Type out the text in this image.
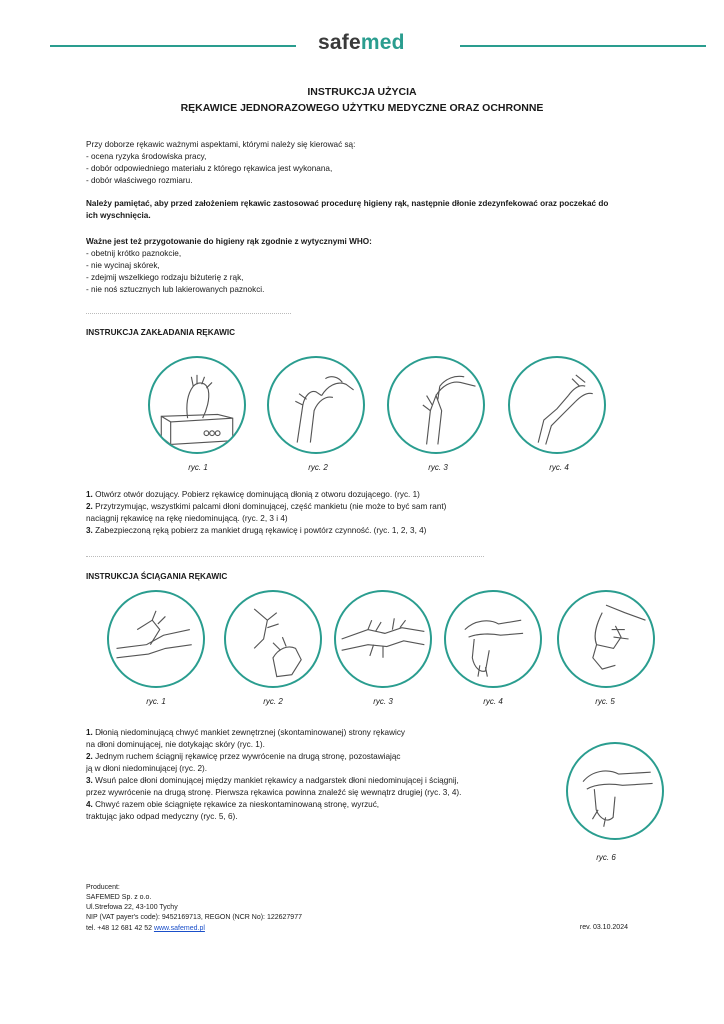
safemed
INSTRUKCJA UŻYCIA
RĘKAWICE JEDNORAZOWEGO UŻYTKU MEDYCZNE ORAZ OCHRONNE
Przy doborze rękawic ważnymi aspektami, którymi należy się kierować są:
- ocena ryzyka środowiska pracy,
- dobór odpowiedniego materiału z którego rękawica jest wykonana,
- dobór właściwego rozmiaru.
Należy pamiętać, aby przed założeniem rękawic zastosować procedurę higieny rąk, następnie dłonie zdezynfekować oraz poczekać do
ich wyschnięcia.
Ważne jest też przygotowanie do higieny rąk zgodnie z wytycznymi WHO:
- obetnij krótko paznokcie,
- nie wycinaj skórek,
- zdejmij wszelkiego rodzaju biżuterię z rąk,
- nie noś sztucznych lub lakierowanych paznokci.
INSTRUKCJA ZAKŁADANIA RĘKAWIC
ryc. 1	ryc. 2	ryc. 3	ryc. 4
1. Otwórz otwór dozujący. Pobierz rękawicę dominującą dłonią z otworu dozującego. (ryc. 1)
2. Przytrzymując, wszystkimi palcami dłoni dominującej, część mankietu (nie może to być sam rant)
naciągnij rękawicę na rękę niedominującą. (ryc. 2, 3 i 4)
3. Zabezpieczoną ręką pobierz za mankiet drugą rękawicę i powtórz czynność. (ryc. 1, 2, 3, 4)
INSTRUKCJA ŚCIĄGANIA RĘKAWIC
ryc. 1	ryc. 2	ryc. 3	ryc. 4	ryc. 5
1. Dłonią niedominującą chwyć mankiet zewnętrznej (skontaminowanej) strony rękawicy
na dłoni dominującej, nie dotykając skóry (ryc. 1).
2. Jednym ruchem ściągnij rękawicę przez wywrócenie na drugą stronę, pozostawiając
ją w dłoni niedominującej (ryc. 2).
3. Wsuń palce dłoni dominującej między mankiet rękawicy a nadgarstek dłoni niedominującej i ściągnij,
przez wywrócenie na drugą stronę. Pierwsza rękawica powinna znaleźć się wewnątrz drugiej (ryc. 3, 4).
4. Chwyć razem obie ściągnięte rękawice za nieskontaminowaną stronę, wyrzuć,
traktując jako odpad medyczny (ryc. 5, 6).
ryc. 6
Producent:
SAFEMED Sp. z o.o.
Ul.Strefowa 22, 43-100 Tychy
NIP (VAT payer's code): 9452169713, REGON (NCR No): 122627977
tel. +48 12 681 42 52 www.safemed.pl	rev. 03.10.2024
